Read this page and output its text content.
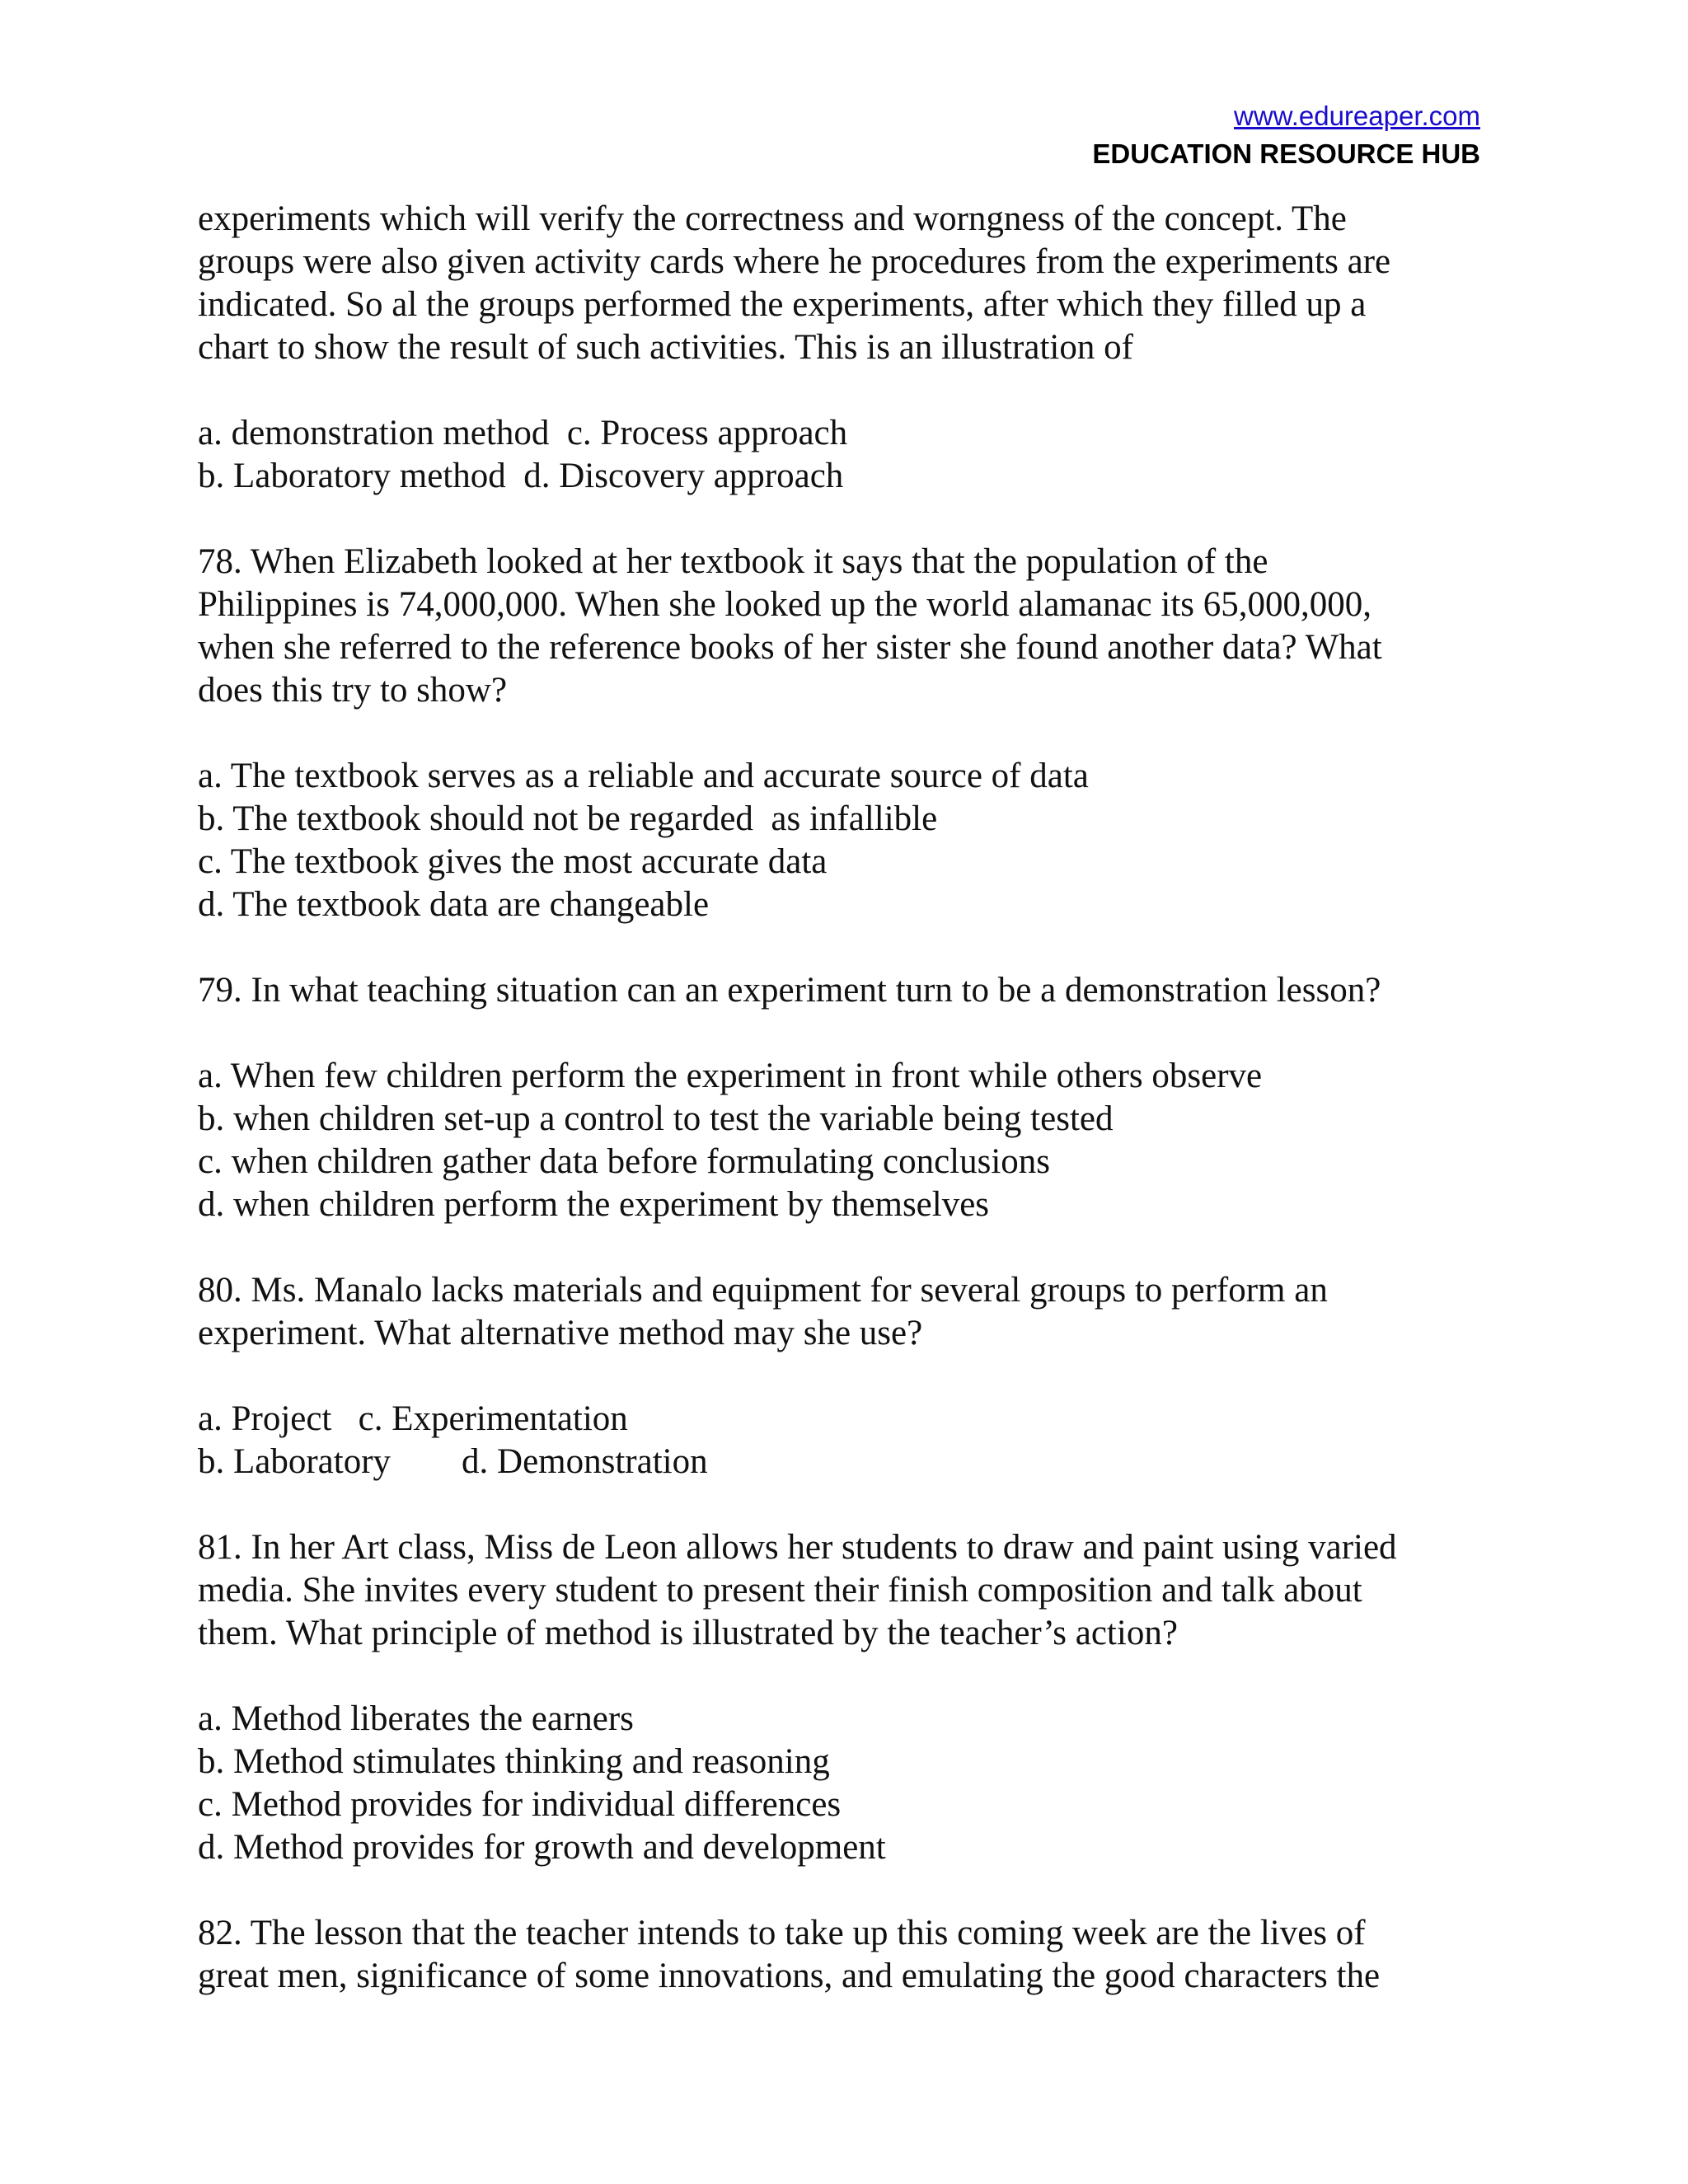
www.edureaper.com
EDUCATION RESOURCE HUB
experiments which will verify the correctness and worngness of the concept. The
groups were also given activity cards where he procedures from the experiments are
indicated. So al the groups performed the experiments, after which they filled up a
chart to show the result of such activities. This is an illustration of
a. demonstration method  c. Process approach
b. Laboratory method  d. Discovery approach
78. When Elizabeth looked at her textbook it says that the population of the
Philippines is 74,000,000. When she looked up the world alamanac its 65,000,000,
when she referred to the reference books of her sister she found another data? What
does this try to show?
a. The textbook serves as a reliable and accurate source of data
b. The textbook should not be regarded  as infallible
c. The textbook gives the most accurate data
d. The textbook data are changeable
79. In what teaching situation can an experiment turn to be a demonstration lesson?
a. When few children perform the experiment in front while others observe
b. when children set-up a control to test the variable being tested
c. when children gather data before formulating conclusions
d. when children perform the experiment by themselves
80. Ms. Manalo lacks materials and equipment for several groups to perform an
experiment. What alternative method may she use?
a. Project   c. Experimentation
b. Laboratory        d. Demonstration
81. In her Art class, Miss de Leon allows her students to draw and paint using varied
media. She invites every student to present their finish composition and talk about
them. What principle of method is illustrated by the teacher’s action?
a. Method liberates the earners
b. Method stimulates thinking and reasoning
c. Method provides for individual differences
d. Method provides for growth and development
82. The lesson that the teacher intends to take up this coming week are the lives of
great men, significance of some innovations, and emulating the good characters the
